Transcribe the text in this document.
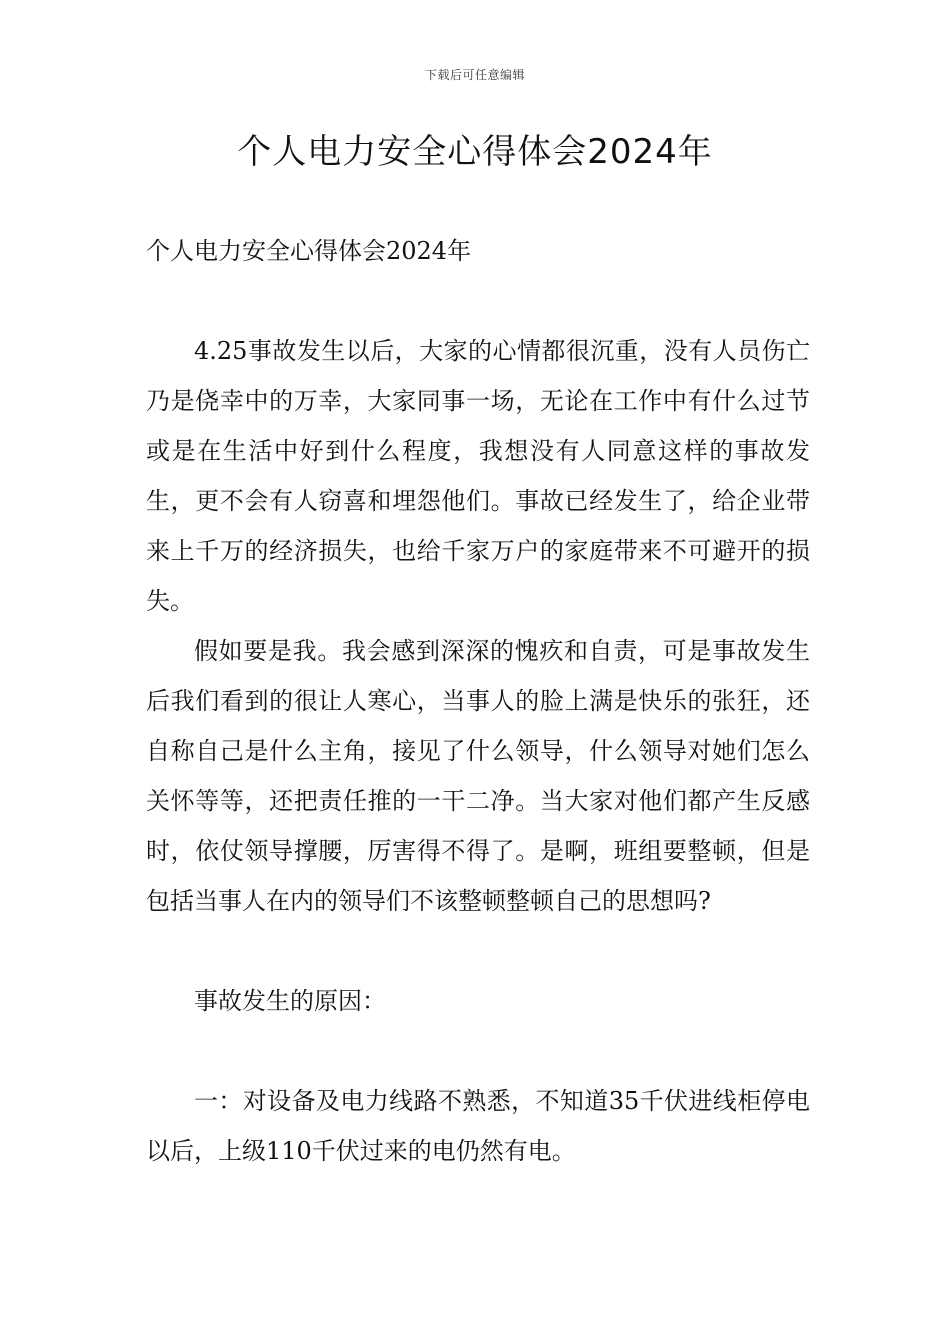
下载后可任意编辑
个人电力安全心得体会2024年

个人电力安全心得体会2024年

4.25事故发生以后，大家的心情都很沉重，没有人员伤亡乃是侥幸中的万幸，大家同事一场，无论在工作中有什么过节或是在生活中好到什么程度，我想没有人同意这样的事故发生，更不会有人窃喜和埋怨他们。事故已经发生了，给企业带来上千万的经济损失，也给千家万户的家庭带来不可避开的损失。

假如要是我。我会感到深深的愧疚和自责，可是事故发生后我们看到的很让人寒心，当事人的脸上满是快乐的张狂，还自称自己是什么主角，接见了什么领导，什么领导对她们怎么关怀等等，还把责任推的一干二净。当大家对他们都产生反感时，依仗领导撑腰，厉害得不得了。是啊，班组要整顿，但是包括当事人在内的领导们不该整顿整顿自己的思想吗?

事故发生的原因：

一：对设备及电力线路不熟悉，不知道35千伏进线柜停电以后，上级110千伏过来的电仍然有电。
